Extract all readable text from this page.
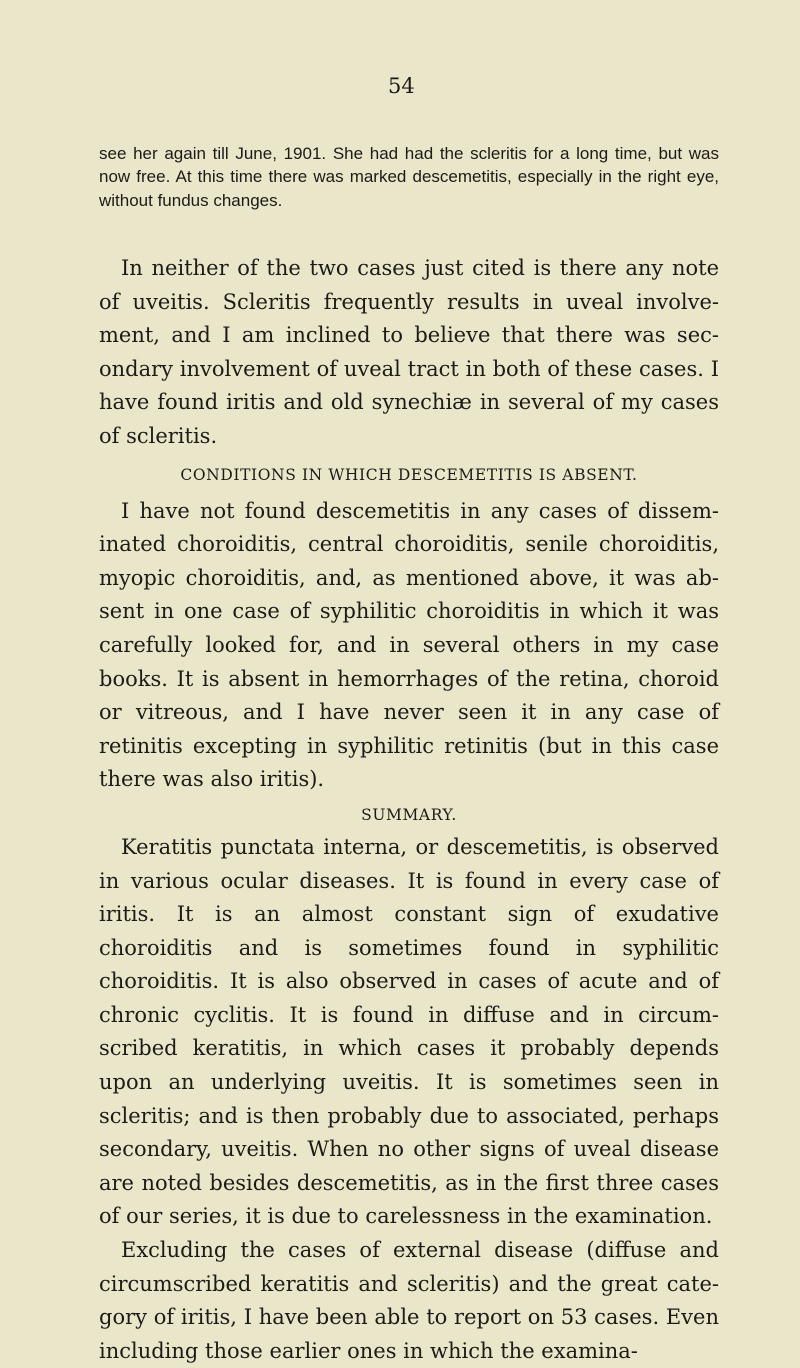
54

see her again till June, 1901. She had had the scleritis for a long time, but was now free. At this time there was marked descemetitis, especially in the right eye, without fundus changes.

In neither of the two cases just cited is there any note of uveitis. Scleritis frequently results in uveal involvement, and I am inclined to believe that there was secondary involvement of uveal tract in both of these cases. I have found iritis and old synechiæ in several of my cases of scleritis.

CONDITIONS IN WHICH DESCEMETITIS IS ABSENT.

I have not found descemetitis in any cases of disseminated choroiditis, central choroiditis, senile choroiditis, myopic choroiditis, and, as mentioned above, it was absent in one case of syphilitic choroiditis in which it was carefully looked for, and in several others in my case books. It is absent in hemorrhages of the retina, choroid or vitreous, and I have never seen it in any case of retinitis excepting in syphilitic retinitis (but in this case there was also iritis).

SUMMARY.

Keratitis punctata interna, or descemetitis, is observed in various ocular diseases. It is found in every case of iritis. It is an almost constant sign of exudative choroiditis and is sometimes found in syphilitic choroiditis. It is also observed in cases of acute and of chronic cyclitis. It is found in diffuse and in circumscribed keratitis, in which cases it probably depends upon an underlying uveitis. It is sometimes seen in scleritis; and is then probably due to associated, perhaps secondary, uveitis. When no other signs of uveal disease are noted besides descemetitis, as in the first three cases of our series, it is due to carelessness in the examination.

Excluding the cases of external disease (diffuse and circumscribed keratitis and scleritis) and the great category of iritis, I have been able to report on 53 cases. Even including those earlier ones in which the examina-
